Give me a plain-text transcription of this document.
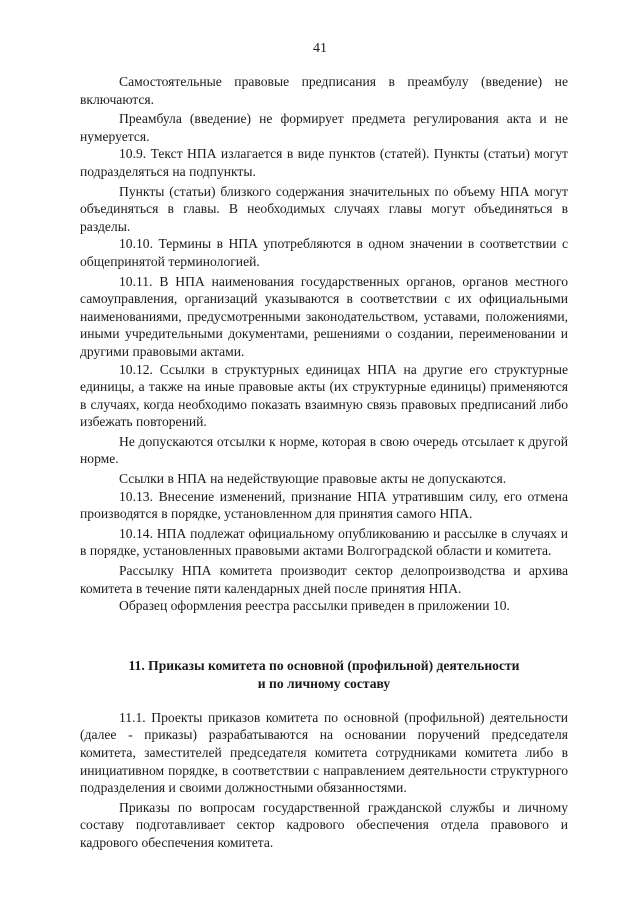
41

Самостоятельные правовые предписания в преамбулу (введение) не включаются.

Преамбула (введение) не формирует предмета регулирования акта и не нумеруется.

10.9. Текст НПА излагается в виде пунктов (статей). Пункты (статьи) могут подразделяться на подпункты.

Пункты (статьи) близкого содержания значительных по объему НПА могут объединяться в главы. В необходимых случаях главы могут объединяться в разделы.

10.10. Термины в НПА употребляются в одном значении в соответствии с общепринятой терминологией.

10.11. В НПА наименования государственных органов, органов местного самоуправления, организаций указываются в соответствии с их официальными наименованиями, предусмотренными законодательством, уставами, положениями, иными учредительными документами, решениями о создании, переименовании и другими правовыми актами.

10.12. Ссылки в структурных единицах НПА на другие его структурные единицы, а также на иные правовые акты (их структурные единицы) применяются в случаях, когда необходимо показать взаимную связь правовых предписаний либо избежать повторений.

Не допускаются отсылки к норме, которая в свою очередь отсылает к другой норме.

Ссылки в НПА на недействующие правовые акты не допускаются.

10.13. Внесение изменений, признание НПА утратившим силу, его отмена производятся в порядке, установленном для принятия самого НПА.

10.14. НПА подлежат официальному опубликованию и рассылке в случаях и в порядке, установленных правовыми актами Волгоградской области и комитета.

Рассылку НПА комитета производит сектор делопроизводства и архива комитета в течение пяти календарных дней после принятия НПА.

Образец оформления реестра рассылки приведен в приложении 10.

11. Приказы комитета по основной (профильной) деятельности
и по личному составу

11.1. Проекты приказов комитета по основной (профильной) деятельности (далее - приказы) разрабатываются на основании поручений председателя комитета, заместителей председателя комитета сотрудниками комитета либо в инициативном порядке, в соответствии с направлением деятельности структурного подразделения и своими должностными обязанностями.

Приказы по вопросам государственной гражданской службы и личному составу подготавливает сектор кадрового обеспечения отдела правового и кадрового обеспечения комитета.
